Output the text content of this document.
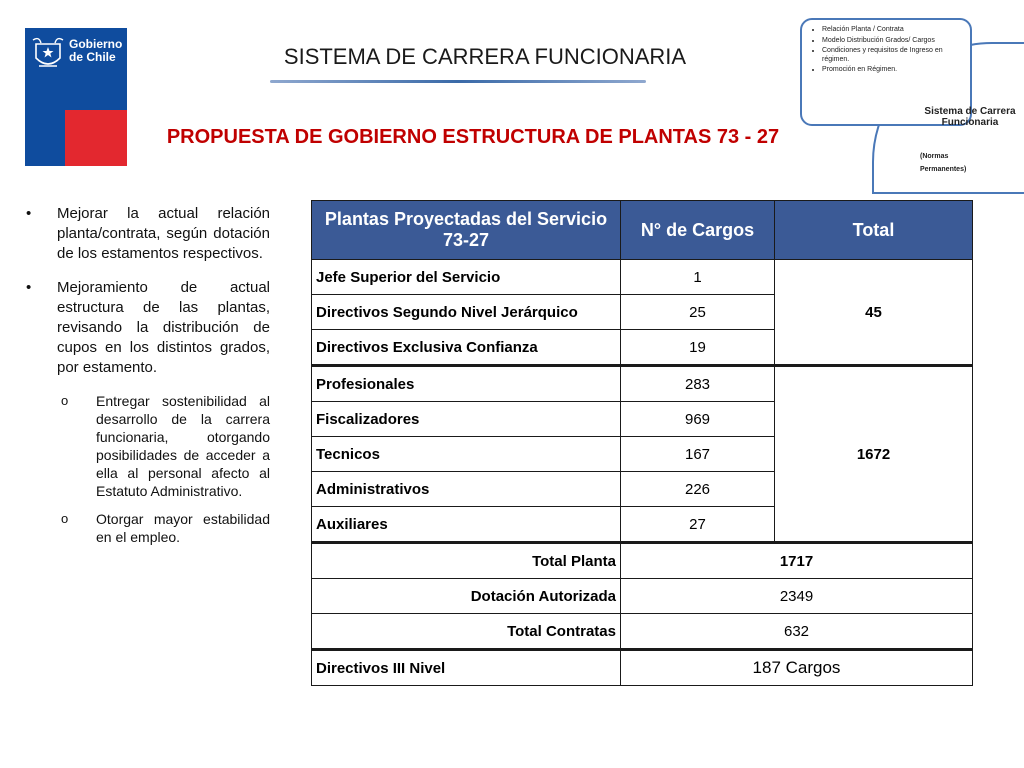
Gobierno
de Chile	SISTEMA DE CARRERA FUNCIONARIA
PROPUESTA DE GOBIERNO ESTRUCTURA DE PLANTAS 73 - 27
• Relación Planta / Contrata
• Modelo Distribución Grados/ Cargos
• Condiciones y requisitos de Ingreso en régimen.
• Promoción en Régimen.
Sistema de Carrera Funcionaria
(Normas
Permanentes)
• Mejorar la actual relación planta/contrata, según dotación de los estamentos respectivos.
• Mejoramiento de actual estructura de las plantas, revisando la distribución de cupos en los distintos grados, por estamento.
o Entregar sostenibilidad al desarrollo de la carrera funcionaria, otorgando posibilidades de acceder a ella al personal afecto al Estatuto Administrativo.
o Otorgar mayor estabilidad en el empleo.
Plantas Proyectadas del Servicio 73-27	N° de Cargos	Total
Jefe Superior del Servicio	1	45
Directivos Segundo Nivel Jerárquico	25	
Directivos Exclusiva Confianza	19	
Profesionales	283	1672
Fiscalizadores	969	
Tecnicos	167	
Administrativos	226	
Auxiliares	27	
Total Planta	1717	
Dotación Autorizada	2349	
Total Contratas	632	
Directivos III Nivel	187 Cargos	
